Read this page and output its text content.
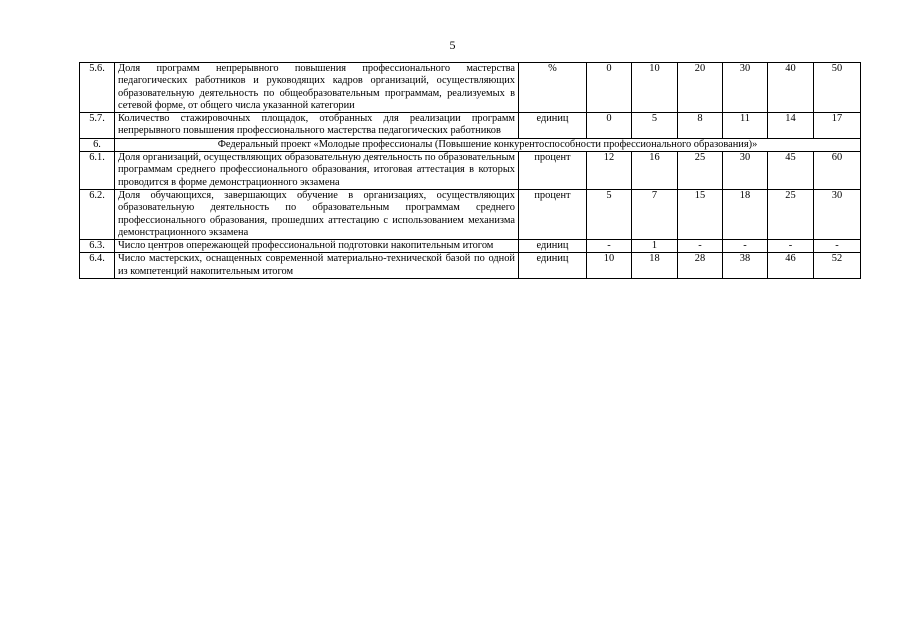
5
5.6.	Доля программ непрерывного повышения профессионального мастерства педагогических работников и руководящих кадров организаций, осуществляющих образовательную деятельность по общеобразовательным программам, реализуемых в сетевой форме, от общего числа указанной категории	%	0	10	20	30	40	50
5.7.	Количество стажировочных площадок, отобранных для реализации программ непрерывного повышения профессионального мастерства педагогических работников	единиц	0	5	8	11	14	17
6.	Федеральный проект «Молодые профессионалы (Повышение конкурентоспособности профессионального образования)»							
6.1.	Доля организаций, осуществляющих образовательную деятельность по образовательным программам среднего профессионального образования, итоговая аттестация в которых проводится в форме демонстрационного экзамена	процент	12	16	25	30	45	60
6.2.	Доля обучающихся, завершающих обучение в организациях, осуществляющих образовательную деятельность по образовательным программам среднего профессионального образования, прошедших аттестацию с использованием механизма демонстрационного экзамена	процент	5	7	15	18	25	30
6.3.	Число центров опережающей профессиональной подготовки накопительным итогом	единиц	-	1	-	-	-	-
6.4.	Число мастерских, оснащенных современной материально-технической базой по одной из компетенций накопительным итогом	единиц	10	18	28	38	46	52
